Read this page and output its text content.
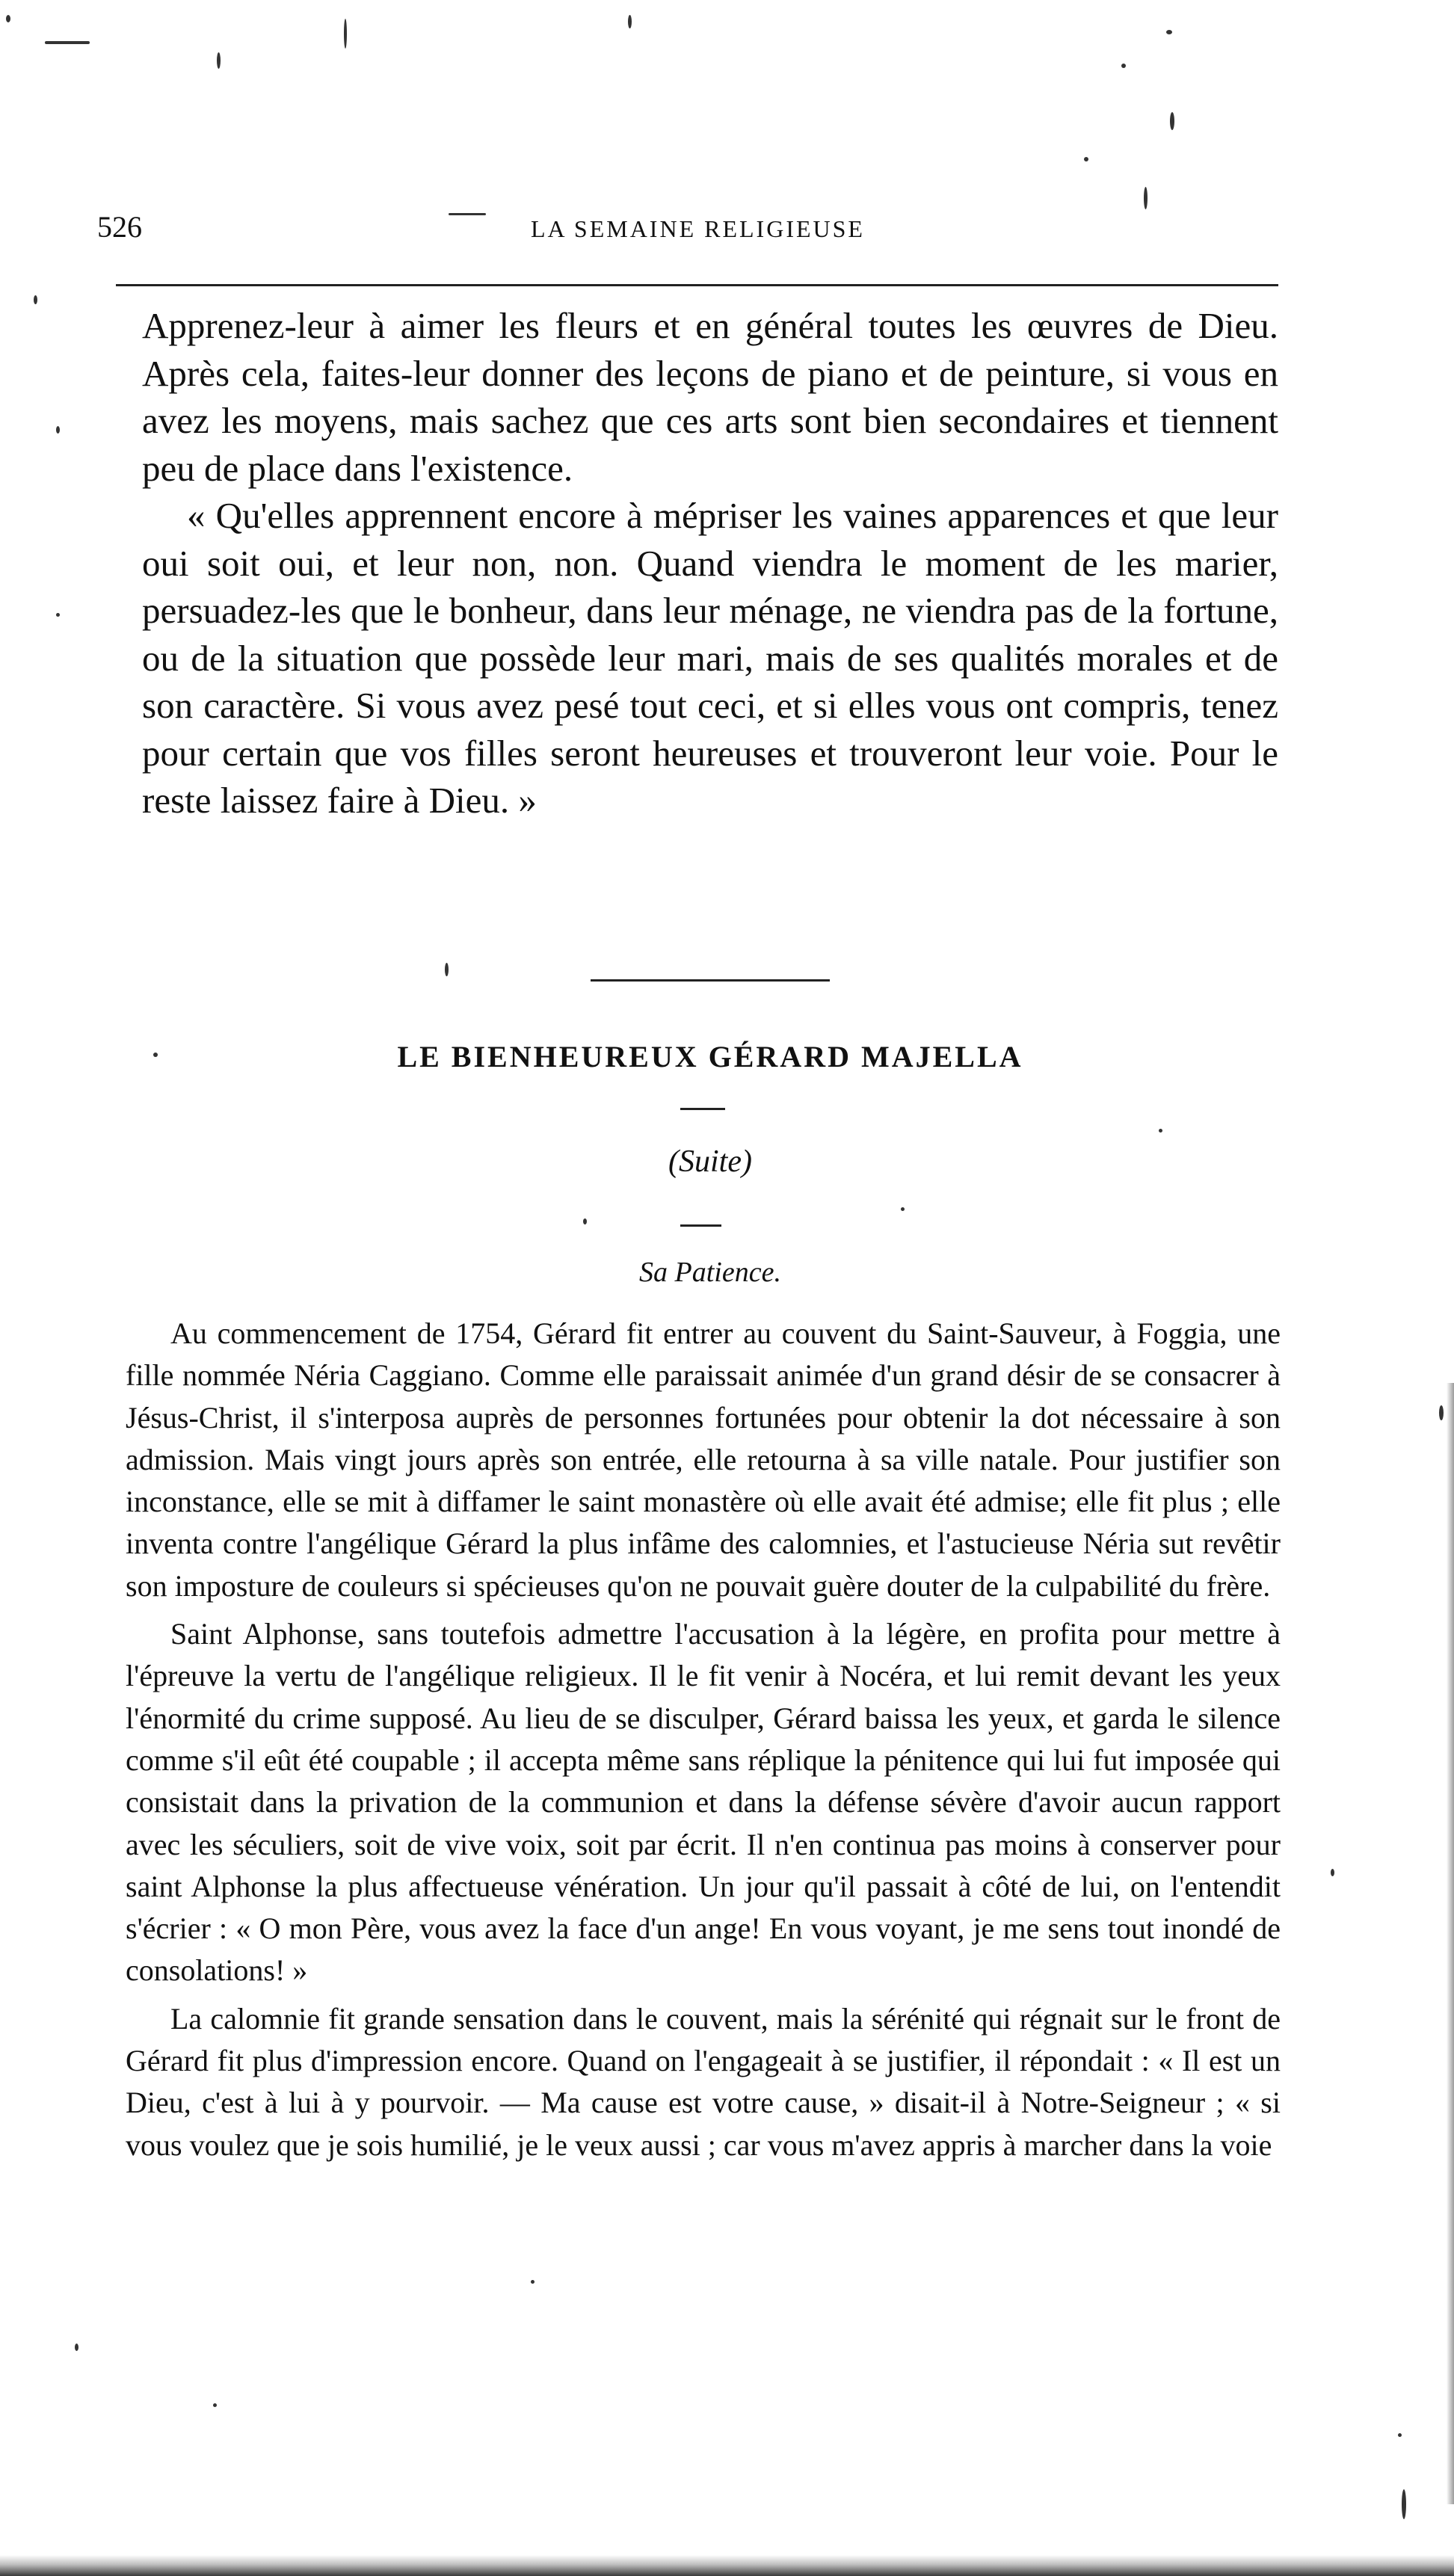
526	LA SEMAINE RELIGIEUSE

Apprenez-leur à aimer les fleurs et en général toutes les œuvres de Dieu. Après cela, faites-leur donner des leçons de piano et de peinture, si vous en avez les moyens, mais sachez que ces arts sont bien secondaires et tiennent peu de place dans l'existence.

« Qu'elles apprennent encore à mépriser les vaines apparences et que leur oui soit oui, et leur non, non. Quand viendra le moment de les marier, persuadez-les que le bonheur, dans leur ménage, ne viendra pas de la fortune, ou de la situation que possède leur mari, mais de ses qualités morales et de son caractère. Si vous avez pesé tout ceci, et si elles vous ont compris, tenez pour certain que vos filles seront heureuses et trouveront leur voie. Pour le reste laissez faire à Dieu. »

LE BIENHEUREUX GÉRARD MAJELLA
(Suite)
Sa Patience.

Au commencement de 1754, Gérard fit entrer au couvent du Saint-Sauveur, à Foggia, une fille nommée Néria Caggiano. Comme elle paraissait animée d'un grand désir de se consacrer à Jésus-Christ, il s'interposa auprès de personnes fortunées pour obtenir la dot nécessaire à son admission. Mais vingt jours après son entrée, elle retourna à sa ville natale. Pour justifier son inconstance, elle se mit à diffamer le saint monastère où elle avait été admise; elle fit plus ; elle inventa contre l'angélique Gérard la plus infâme des calomnies, et l'astucieuse Néria sut revêtir son imposture de couleurs si spécieuses qu'on ne pouvait guère douter de la culpabilité du frère.

Saint Alphonse, sans toutefois admettre l'accusation à la légère, en profita pour mettre à l'épreuve la vertu de l'angélique religieux. Il le fit venir à Nocéra, et lui remit devant les yeux l'énormité du crime supposé. Au lieu de se disculper, Gérard baissa les yeux, et garda le silence comme s'il eût été coupable ; il accepta même sans réplique la pénitence qui lui fut imposée qui consistait dans la privation de la communion et dans la défense sévère d'avoir aucun rapport avec les séculiers, soit de vive voix, soit par écrit. Il n'en continua pas moins à conserver pour saint Alphonse la plus affectueuse vénération. Un jour qu'il passait à côté de lui, on l'entendit s'écrier : « O mon Père, vous avez la face d'un ange! En vous voyant, je me sens tout inondé de consolations! »

La calomnie fit grande sensation dans le couvent, mais la sérénité qui régnait sur le front de Gérard fit plus d'impression encore. Quand on l'engageait à se justifier, il répondait : « Il est un Dieu, c'est à lui à y pourvoir. — Ma cause est votre cause, » disait-il à Notre-Seigneur ; « si vous voulez que je sois humilié, je le veux aussi ; car vous m'avez appris à marcher dans la voie
